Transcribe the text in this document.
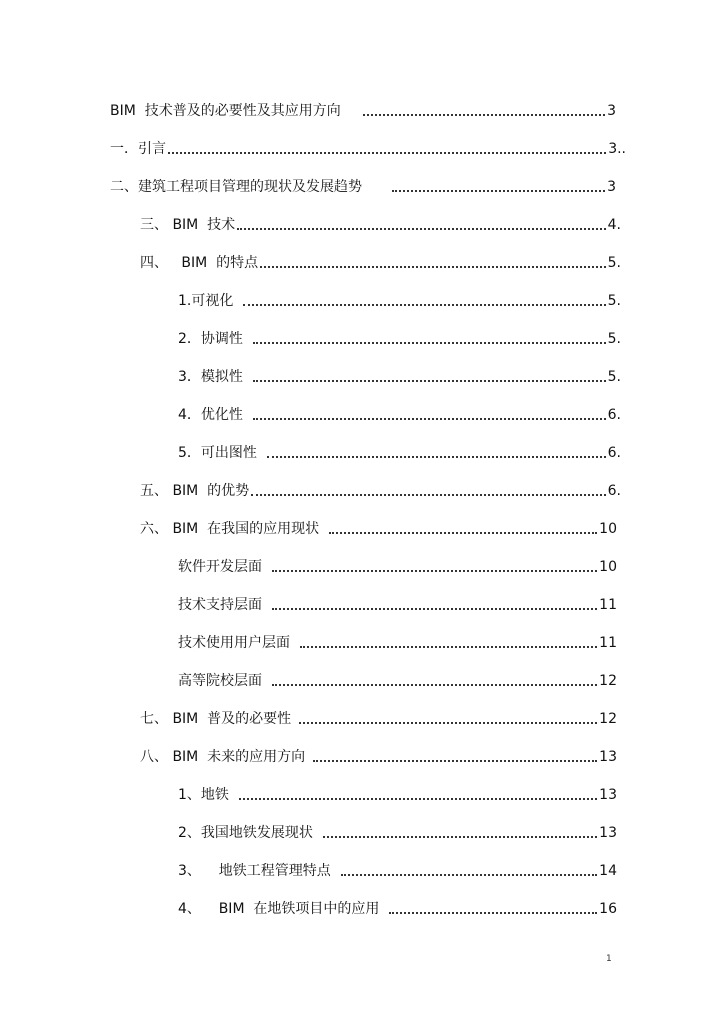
BIM  技术普及的必要性及其应用方向	3
一．引言	3..
二、建筑工程项目管理的现状及发展趋势	3
三、 BIM  技术	4.
四、   BIM  的特点	5.
1.可视化	5.
2．协调性	5.
3．模拟性	5.
4．优化性	6.
5．可出图性	6.
五、 BIM  的优势	6.
六、 BIM  在我国的应用现状	10
软件开发层面	10
技术支持层面	11
技术使用用户层面	11
高等院校层面	12
七、 BIM  普及的必要性	12
八、 BIM  未来的应用方向	13
1、地铁	13
2、我国地铁发展现状	13
3、    地铁工程管理特点	14
4、    BIM  在地铁项目中的应用	16
1
